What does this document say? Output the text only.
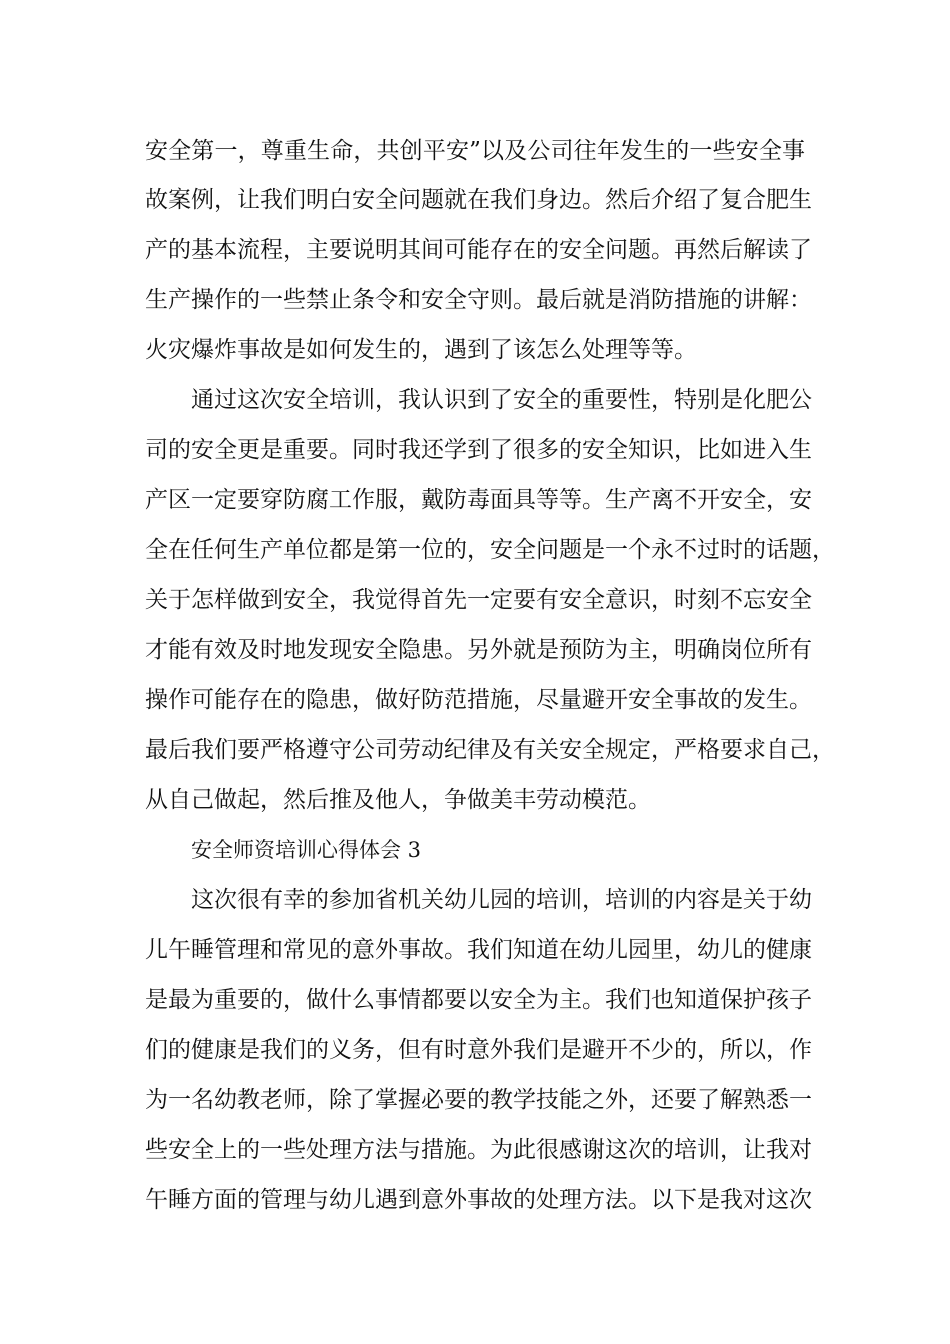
安全第一，尊重生命，共创平安”以及公司往年发生的一些安全事

故案例，让我们明白安全问题就在我们身边。然后介绍了复合肥生

产的基本流程，主要说明其间可能存在的安全问题。再然后解读了

生产操作的一些禁止条令和安全守则。最后就是消防措施的讲解：

火灾爆炸事故是如何发生的，遇到了该怎么处理等等。

通过这次安全培训，我认识到了安全的重要性，特别是化肥公

司的安全更是重要。同时我还学到了很多的安全知识，比如进入生

产区一定要穿防腐工作服，戴防毒面具等等。生产离不开安全，安

全在任何生产单位都是第一位的，安全问题是一个永不过时的话题，

关于怎样做到安全，我觉得首先一定要有安全意识，时刻不忘安全

才能有效及时地发现安全隐患。另外就是预防为主，明确岗位所有

操作可能存在的隐患，做好防范措施，尽量避开安全事故的发生。

最后我们要严格遵守公司劳动纪律及有关安全规定，严格要求自己，

从自己做起，然后推及他人，争做美丰劳动模范。

安全师资培训心得体会 3

这次很有幸的参加省机关幼儿园的培训，培训的内容是关于幼

儿午睡管理和常见的意外事故。我们知道在幼儿园里，幼儿的健康

是最为重要的，做什么事情都要以安全为主。我们也知道保护孩子

们的健康是我们的义务，但有时意外我们是避开不少的，所以，作

为一名幼教老师，除了掌握必要的教学技能之外，还要了解熟悉一

些安全上的一些处理方法与措施。为此很感谢这次的培训，让我对

午睡方面的管理与幼儿遇到意外事故的处理方法。以下是我对这次
